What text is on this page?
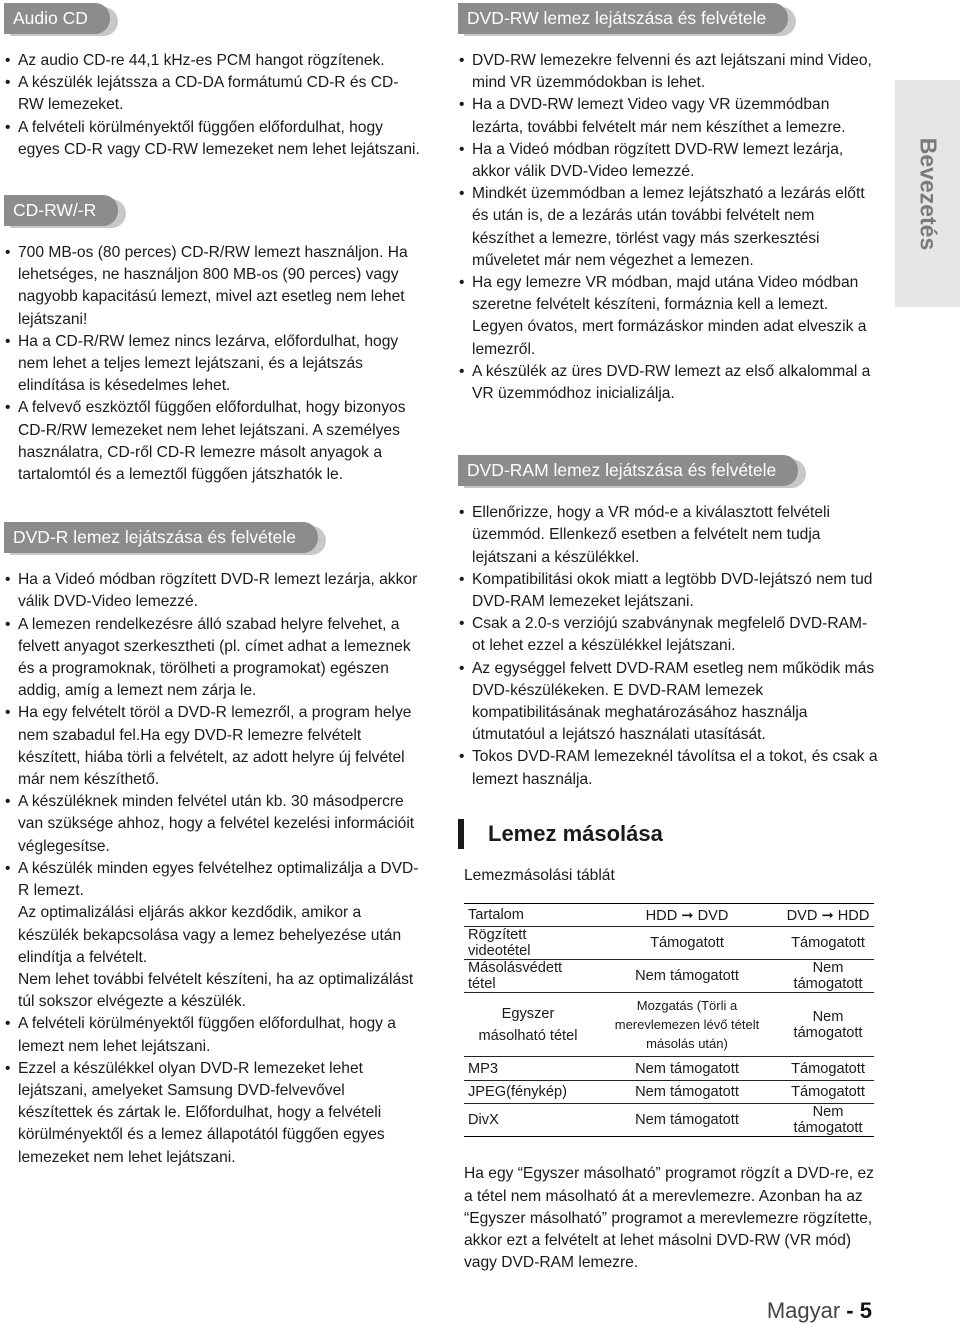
Audio CD
• Az audio CD-re 44,1 kHz-es PCM hangot rögzítenek.
• A készülék lejátssza a CD-DA formátumú CD-R és CD-RW lemezeket.
• A felvételi körülményektől függően előfordulhat, hogy egyes CD-R vagy CD-RW lemezeket nem lehet lejátszani.
CD-RW/-R
• 700 MB-os (80 perces) CD-R/RW lemezt használjon. Ha lehetséges, ne használjon 800 MB-os (90 perces) vagy nagyobb kapacitású lemezt, mivel azt esetleg nem lehet lejátszani!
• Ha a CD-R/RW lemez nincs lezárva, előfordulhat, hogy nem lehet a teljes lemezt lejátszani, és a lejátszás elindítása is késedelmes lehet.
• A felvevő eszköztől függően előfordulhat, hogy bizonyos CD-R/RW lemezeket nem lehet lejátszani. A személyes használatra, CD-ről CD-R lemezre másolt anyagok a tartalomtól és a lemeztől függően játszhatók le.
DVD-R lemez lejátszása és felvétele
• Ha a Videó módban rögzített DVD-R lemezt lezárja, akkor válik DVD-Video lemezzé.
• A lemezen rendelkezésre álló szabad helyre felvehet, a felvett anyagot szerkesztheti (pl. címet adhat a lemeznek és a programoknak, törölheti a programokat) egészen addig, amíg a lemezt nem zárja le.
• Ha egy felvételt töröl a DVD-R lemezről, a program helye nem szabadul fel.Ha egy DVD-R lemezre felvételt készített, hiába törli a felvételt, az adott helyre új felvétel már nem készíthető.
• A készüléknek minden felvétel után kb. 30 másodpercre van szüksége ahhoz, hogy a felvétel kezelési információit véglegesítse.
• A készülék minden egyes felvételhez optimalizálja a DVD-R lemezt.

Az optimalizálási eljárás akkor kezdődik, amikor a készülék bekapcsolása vagy a lemez behelyezése után elindítja a felvételt.

Nem lehet további felvételt készíteni, ha az optimalizálást túl sokszor elvégezte a készülék.

• A felvételi körülményektől függően előfordulhat, hogy a lemezt nem lehet lejátszani.
• Ezzel a készülékkel olyan DVD-R lemezeket lehet lejátszani, amelyeket Samsung DVD-felvevővel készítettek és zártak le. Előfordulhat, hogy a felvételi körülményektől és a lemez állapotától függően egyes lemezeket nem lehet lejátszani.
DVD-RW lemez lejátszása és felvétele
• DVD-RW lemezekre felvenni és azt lejátszani mind Video, mind VR üzemmódokban is lehet.
• Ha a DVD-RW lemezt Video vagy VR üzemmódban lezárta, további felvételt már nem készíthet a lemezre.
• Ha a Videó módban rögzített DVD-RW lemezt lezárja, akkor válik DVD-Video lemezzé.
• Mindkét üzemmódban a lemez lejátszható a lezárás előtt és után is, de a lezárás után további felvételt nem készíthet a lemezre, törlést vagy más szerkesztési műveletet már nem végezhet a lemezen.
• Ha egy lemezre VR módban, majd utána Video módban szeretne felvételt készíteni, formáznia kell a lemezt. Legyen óvatos, mert formázáskor minden adat elveszik a lemezről.
• A készülék az üres DVD-RW lemezt az első alkalommal a VR üzemmódhoz inicializálja.
DVD-RAM lemez lejátszása és felvétele
• Ellenőrizze, hogy a VR mód-e a kiválasztott felvételi üzemmód. Ellenkező esetben a felvételt nem tudja lejátszani a készülékkel.
• Kompatibilitási okok miatt a legtöbb DVD-lejátszó nem tud DVD-RAM lemezeket lejátszani.
• Csak a 2.0-s verziójú szabványnak megfelelő DVD-RAM-ot lehet ezzel a készülékkel lejátszani.
• Az egységgel felvett DVD-RAM esetleg nem működik más DVD-készülékeken. E DVD-RAM lemezek kompatibilitásának meghatározásához használja útmutatóul a lejátszó használati utasítását.
• Tokos DVD-RAM lemezeknél távolítsa el a tokot, és csak a lemezt használja.
Lemez másolása

Lemezmásolási táblát

Tartalom	HDD ➞ DVD	DVD ➞ HDD
Rögzített videotétel	Támogatott	Támogatott
Másolásvédett tétel	Nem támogatott	Nem támogatott
Egyszer másolható tétel	Mozgatás (Törli a merevlemezen lévő tételt másolás után)	Nem támogatott
MP3	Nem támogatott	Támogatott
JPEG(fénykép)	Nem támogatott	Támogatott
DivX	Nem támogatott	Nem támogatott

Ha egy “Egyszer másolható” programot rögzít a DVD-re, ez a tétel nem másolható át a merevlemezre. Azonban ha az “Egyszer másolható” programot a merevlemezre rögzítette, akkor ezt a felvételt at lehet másolni DVD-RW (VR mód) vagy DVD-RAM lemezre.

Bevezetés
Magyar - 5
